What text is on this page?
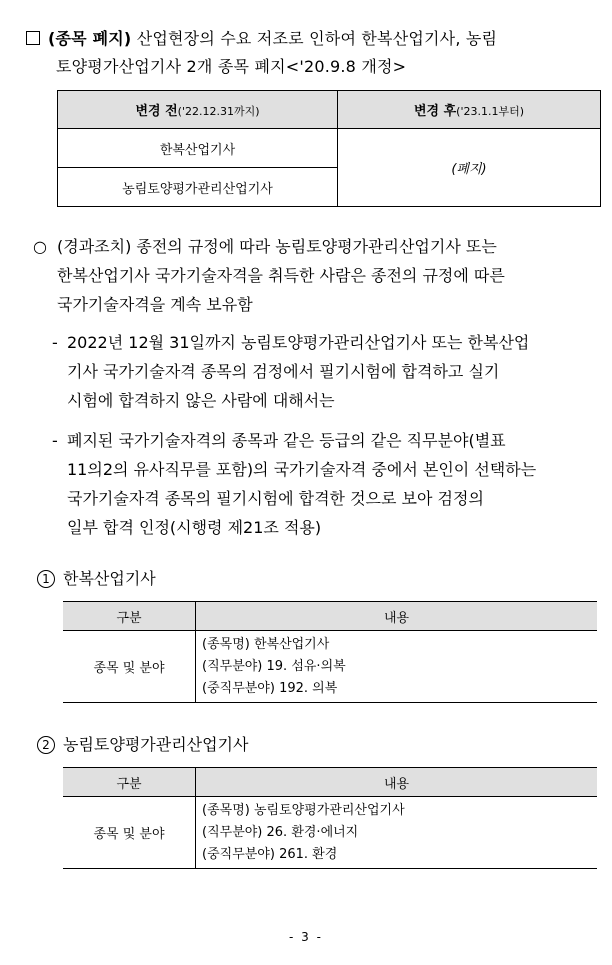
(종목 폐지) 산업현장의 수요 저조로 인하여 한복산업기사, 농림
토양평가산업기사 2개 종목 폐지<'20.9.8 개정>
변경 전('22.12.31까지)	변경 후('23.1.1부터)
한복산업기사	(폐지)
농림토양평가관리산업기사	
○ (경과조치) 종전의 규정에 따라 농림토양평가관리산업기사 또는
한복산업기사 국가기술자격을 취득한 사람은 종전의 규정에 따른
국가기술자격을 계속 보유함
- 2022년 12월 31일까지 농림토양평가관리산업기사 또는 한복산업
기사 국가기술자격 종목의 검정에서 필기시험에 합격하고 실기
시험에 합격하지 않은 사람에 대해서는
- 폐지된 국가기술자격의 종목과 같은 등급의 같은 직무분야(별표
11의2의 유사직무를 포함)의 국가기술자격 중에서 본인이 선택하는
국가기술자격 종목의 필기시험에 합격한 것으로 보아 검정의
일부 합격 인정(시행령 제21조 적용)
1 한복산업기사
구분	내용
종목 및 분야	(종목명) 한복산업기사
(직무분야) 19. 섬유·의복
(중직무분야) 192. 의복
2 농림토양평가관리산업기사
구분	내용
종목 및 분야	(종목명) 농림토양평가관리산업기사
(직무분야) 26. 환경·에너지
(중직무분야) 261. 환경
- 3 -
